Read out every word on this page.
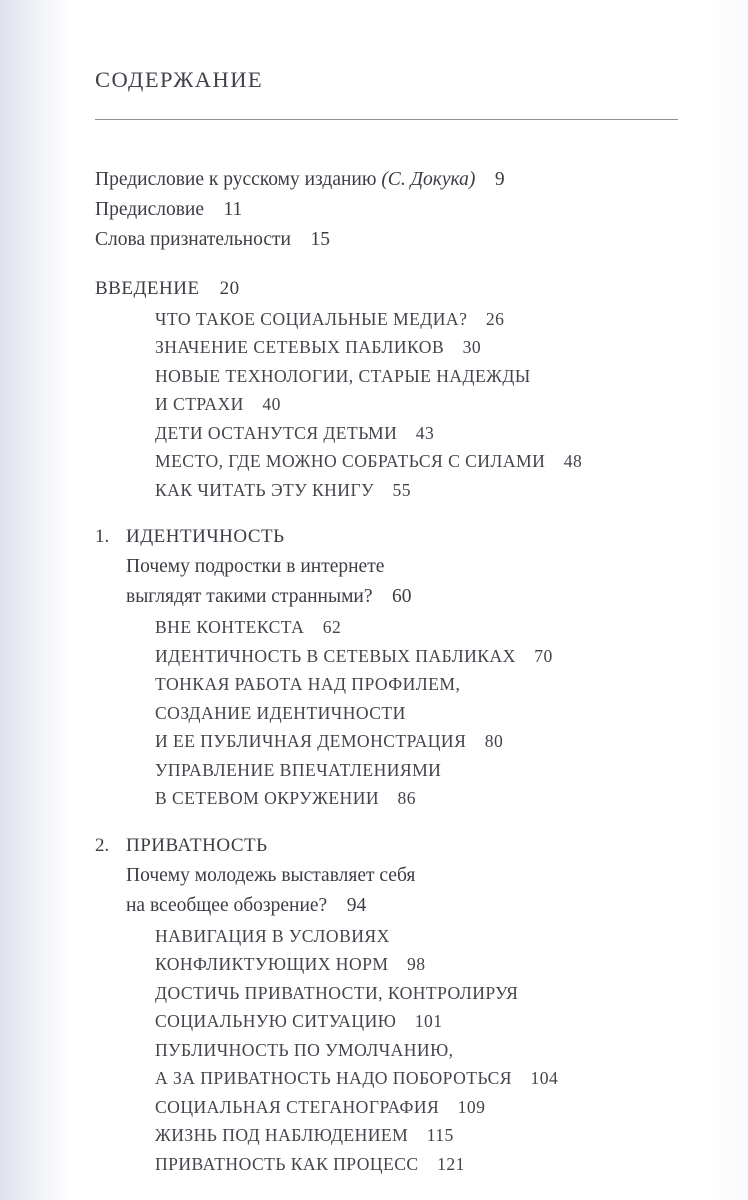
СОДЕРЖАНИЕ
Предисловие к русскому изданию (С. Докука)  9
Предисловие  11
Слова признательности  15
ВВЕДЕНИЕ  20
ЧТО ТАКОЕ СОЦИАЛЬНЫЕ МЕДИА?  26
ЗНАЧЕНИЕ СЕТЕВЫХ ПАБЛИКОВ  30
НОВЫЕ ТЕХНОЛОГИИ, СТАРЫЕ НАДЕЖДЫ
И СТРАХИ  40
ДЕТИ ОСТАНУТСЯ ДЕТЬМИ  43
МЕСТО, ГДЕ МОЖНО СОБРАТЬСЯ С СИЛАМИ  48
КАК ЧИТАТЬ ЭТУ КНИГУ  55
1. ИДЕНТИЧНОСТЬ
Почему подростки в интернете
выглядят такими странными?  60
ВНЕ КОНТЕКСТА  62
ИДЕНТИЧНОСТЬ В СЕТЕВЫХ ПАБЛИКАХ  70
ТОНКАЯ РАБОТА НАД ПРОФИЛЕМ,
СОЗДАНИЕ ИДЕНТИЧНОСТИ
И ЕЕ ПУБЛИЧНАЯ ДЕМОНСТРАЦИЯ  80
УПРАВЛЕНИЕ ВПЕЧАТЛЕНИЯМИ
В СЕТЕВОМ ОКРУЖЕНИИ  86
2. ПРИВАТНОСТЬ
Почему молодежь выставляет себя
на всеобщее обозрение?  94
НАВИГАЦИЯ В УСЛОВИЯХ
КОНФЛИКТУЮЩИХ НОРМ  98
ДОСТИЧЬ ПРИВАТНОСТИ, КОНТРОЛИРУЯ
СОЦИАЛЬНУЮ СИТУАЦИЮ  101
ПУБЛИЧНОСТЬ ПО УМОЛЧАНИЮ,
А ЗА ПРИВАТНОСТЬ НАДО ПОБОРОТЬСЯ  104
СОЦИАЛЬНАЯ СТЕГАНОГРАФИЯ  109
ЖИЗНЬ ПОД НАБЛЮДЕНИЕМ  115
ПРИВАТНОСТЬ КАК ПРОЦЕСС  121
